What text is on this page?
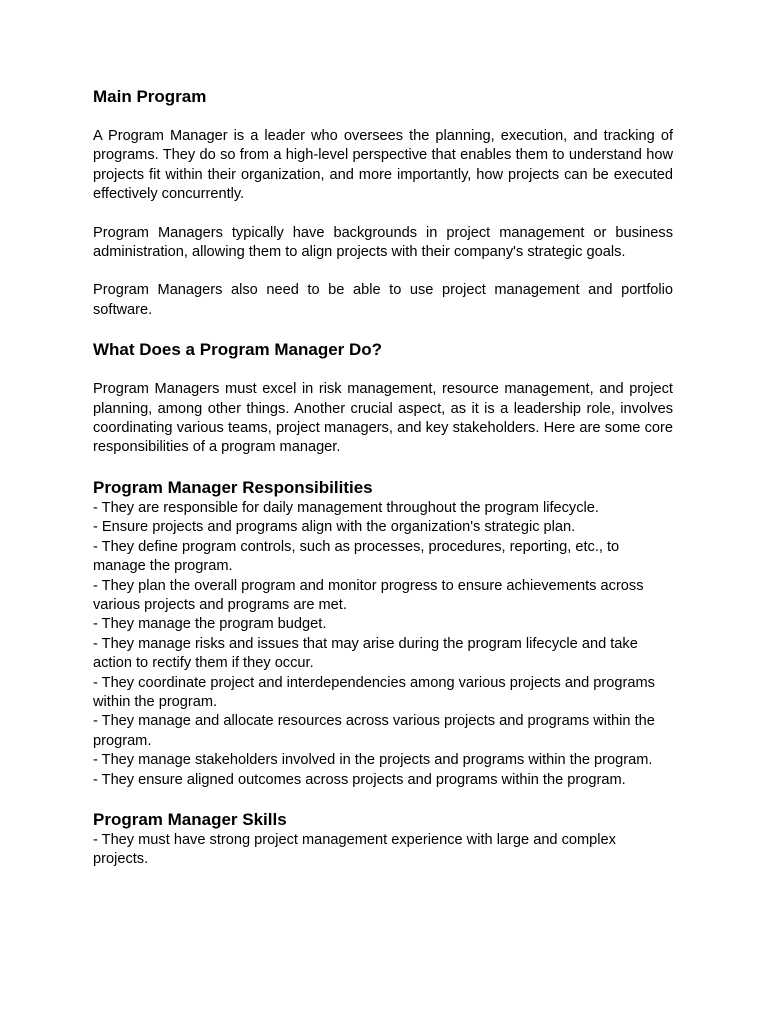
Main Program

A Program Manager is a leader who oversees the planning, execution, and tracking of programs. They do so from a high-level perspective that enables them to understand how projects fit within their organization, and more importantly, how projects can be executed effectively concurrently.

Program Managers typically have backgrounds in project management or business administration, allowing them to align projects with their company's strategic goals.

Program Managers also need to be able to use project management and portfolio software.

What Does a Program Manager Do?

Program Managers must excel in risk management, resource management, and project planning, among other things. Another crucial aspect, as it is a leadership role, involves coordinating various teams, project managers, and key stakeholders. Here are some core responsibilities of a program manager.

Program Manager Responsibilities
- They are responsible for daily management throughout the program lifecycle.
- Ensure projects and programs align with the organization's strategic plan.
- They define program controls, such as processes, procedures, reporting, etc., to manage the program.
- They plan the overall program and monitor progress to ensure achievements across various projects and programs are met.
- They manage the program budget.
- They manage risks and issues that may arise during the program lifecycle and take action to rectify them if they occur.
- They coordinate project and interdependencies among various projects and programs within the program.
- They manage and allocate resources across various projects and programs within the program.
- They manage stakeholders involved in the projects and programs within the program.
- They ensure aligned outcomes across projects and programs within the program.
Program Manager Skills
- They must have strong project management experience with large and complex projects.
